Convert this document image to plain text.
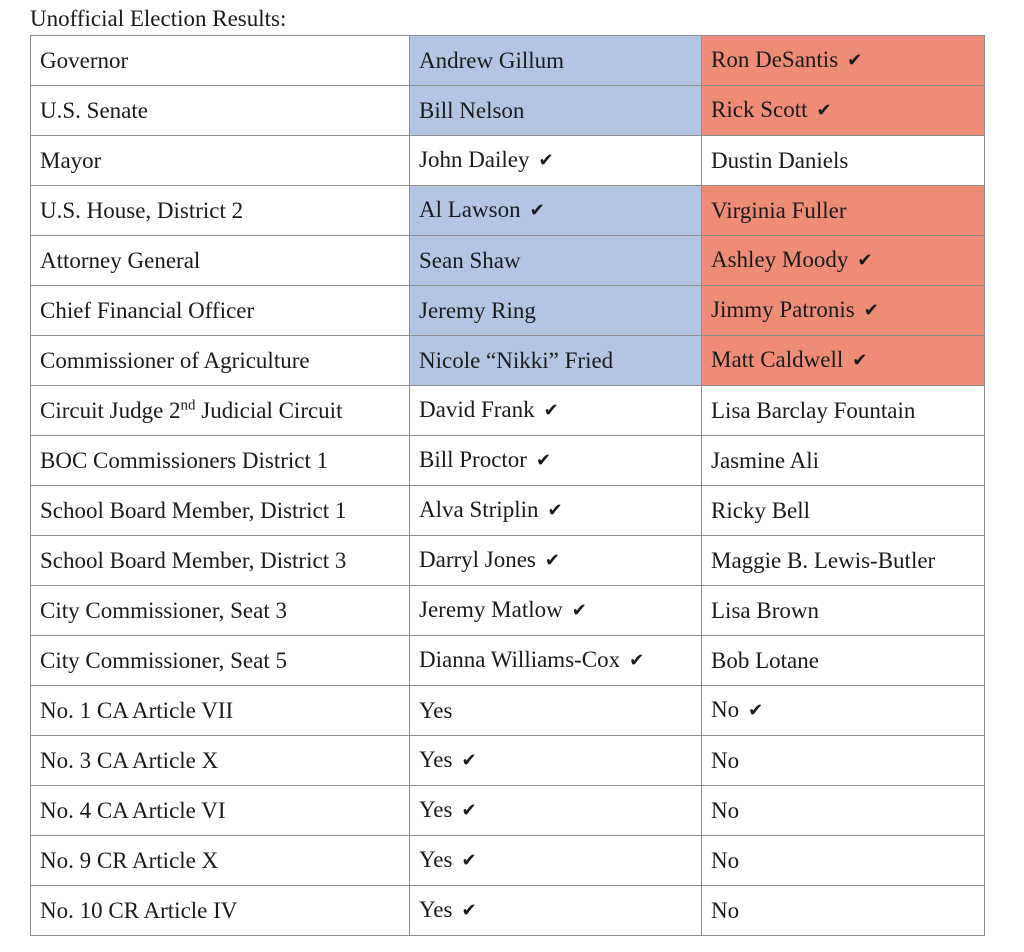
Unofficial Election Results:
Governor	Andrew Gillum	Ron DeSantis ✔
U.S. Senate	Bill Nelson	Rick Scott ✔
Mayor	John Dailey ✔	Dustin Daniels
U.S. House, District 2	Al Lawson ✔	Virginia Fuller
Attorney General	Sean Shaw	Ashley Moody ✔
Chief Financial Officer	Jeremy Ring	Jimmy Patronis ✔
Commissioner of Agriculture	Nicole “Nikki” Fried	Matt Caldwell ✔
Circuit Judge 2nd Judicial Circuit	David Frank ✔	Lisa Barclay Fountain
BOC Commissioners District 1	Bill Proctor ✔	Jasmine Ali
School Board Member, District 1	Alva Striplin ✔	Ricky Bell
School Board Member, District 3	Darryl Jones ✔	Maggie B. Lewis-Butler
City Commissioner, Seat 3	Jeremy Matlow ✔	Lisa Brown
City Commissioner, Seat 5	Dianna Williams-Cox ✔	Bob Lotane
No. 1 CA Article VII	Yes	No ✔
No. 3 CA Article X	Yes ✔	No
No. 4 CA Article VI	Yes ✔	No
No. 9 CR Article X	Yes ✔	No
No. 10 CR Article IV	Yes ✔	No
